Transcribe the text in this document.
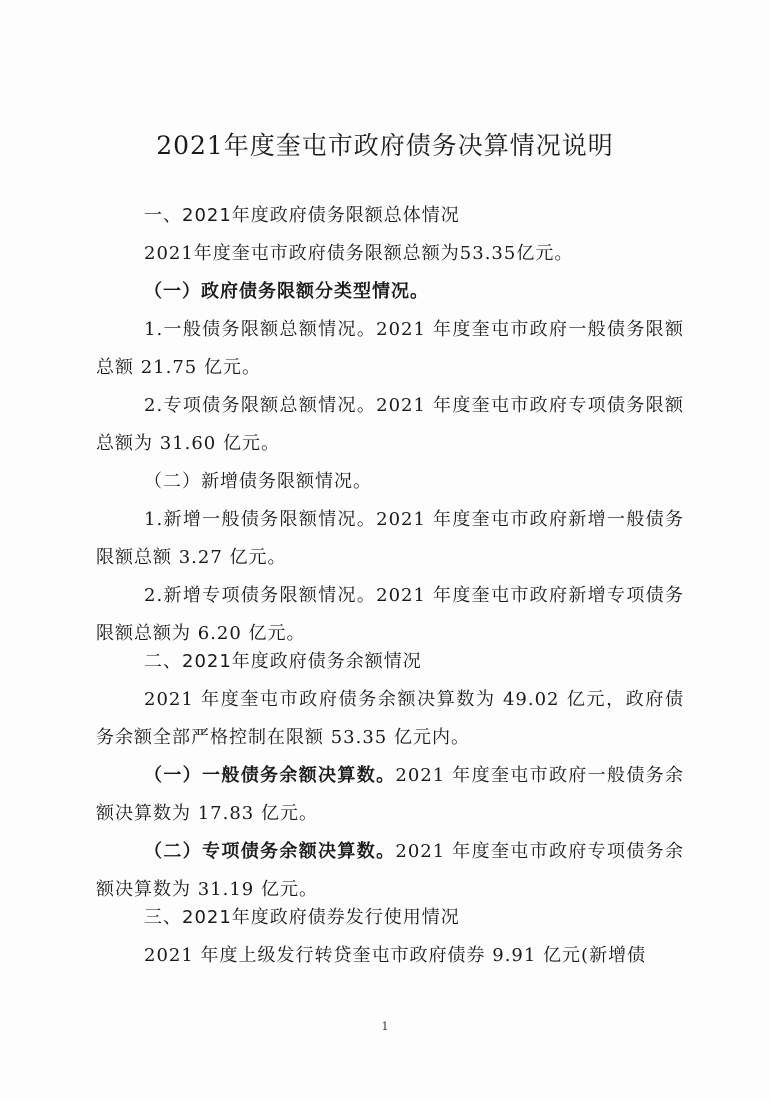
2021年度奎屯市政府债务决算情况说明

一、2021年度政府债务限额总体情况

2021年度奎屯市政府债务限额总额为53.35亿元。

（一）政府债务限额分类型情况。

1.一般债务限额总额情况。2021 年度奎屯市政府一般债务限额总额 21.75 亿元。

2.专项债务限额总额情况。2021 年度奎屯市政府专项债务限额总额为 31.60 亿元。

（二）新增债务限额情况。

1.新增一般债务限额情况。2021 年度奎屯市政府新增一般债务限额总额 3.27 亿元。

2.新增专项债务限额情况。2021 年度奎屯市政府新增专项债务限额总额为 6.20 亿元。

二、2021年度政府债务余额情况

2021 年度奎屯市政府债务余额决算数为 49.02 亿元，政府债务余额全部严格控制在限额 53.35 亿元内。

（一）一般债务余额决算数。2021 年度奎屯市政府一般债务余额决算数为 17.83 亿元。

（二）专项债务余额决算数。2021 年度奎屯市政府专项债务余额决算数为 31.19 亿元。

三、2021年度政府债券发行使用情况

2021 年度上级发行转贷奎屯市政府债券 9.91 亿元(新增债

1
